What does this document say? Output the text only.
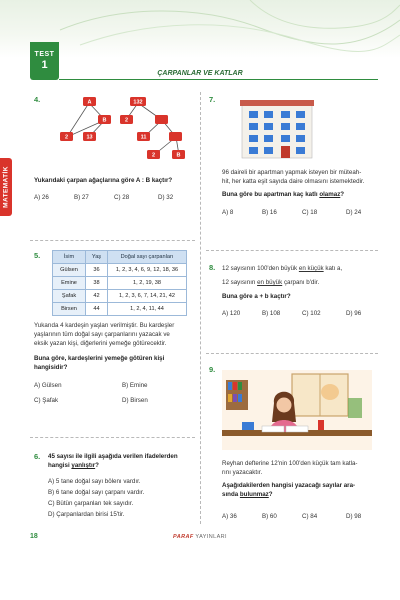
TEST
1
ÇARPANLAR VE KATLAR
MATEMATİK
4.	A
B
2	13
132
2
11
2	B
Yukarıdaki çarpan ağaçlarına göre A : B kaçtır?
A) 26	B) 27	C) 28	D) 32
5.	İsim	Yaş	Doğal sayı çarpanları
Gülsen	36	1, 2, 3, 4, 6, 9, 12, 18, 36
Emine	38	1, 2, 19, 38
Şafak	42	1, 2, 3, 6, 7, 14, 21, 42
Birsen	44	1, 2, 4, 11, 44
Yukarıda 4 kardeşin yaşları verilmiştir. Bu kardeşler
yaşlarının tüm doğal sayı çarpanlarını yazacak ve
eksik yazan kişi, diğerlerini yemeğe götürecektir.
Buna göre, kardeşlerini yemeğe götüren kişi
hangisidir?
A) Gülsen	B) Emine
C) Şafak	D) Birsen
6. 45 sayısı ile ilgili aşağıda verilen ifadelerden
hangisi yanlıştır?
A) 5 tane doğal sayı bölenı vardır.
B) 6 tane doğal sayı çarpanı vardır.
C) Bütün çarpanları tek sayıdır.
D) Çarpanlardan birisi 15'tir.
7.
96 daireli bir apartman yapmak isteyen bir müteah-
hit, her katta eşit sayıda daire olmasını istemektedir.
Buna göre bu apartman kaç katlı olamaz?
A) 8	B) 16	C) 18	D) 24
8. 12 sayısının 100'den büyük en küçük katı a,
12 sayısının en büyük çarpanı b'dir.
Buna göre a + b kaçtır?
A) 120	B) 108	C) 102	D) 96
9.
Reyhan defterine 12'nin 100'den küçük tam katla-
rını yazacaktır.
Aşağıdakilerden hangisi yazacağı sayılar ara-
sında bulunmaz?
A) 36	B) 60	C) 84	D) 98
18	PARAF YAYINLARI
